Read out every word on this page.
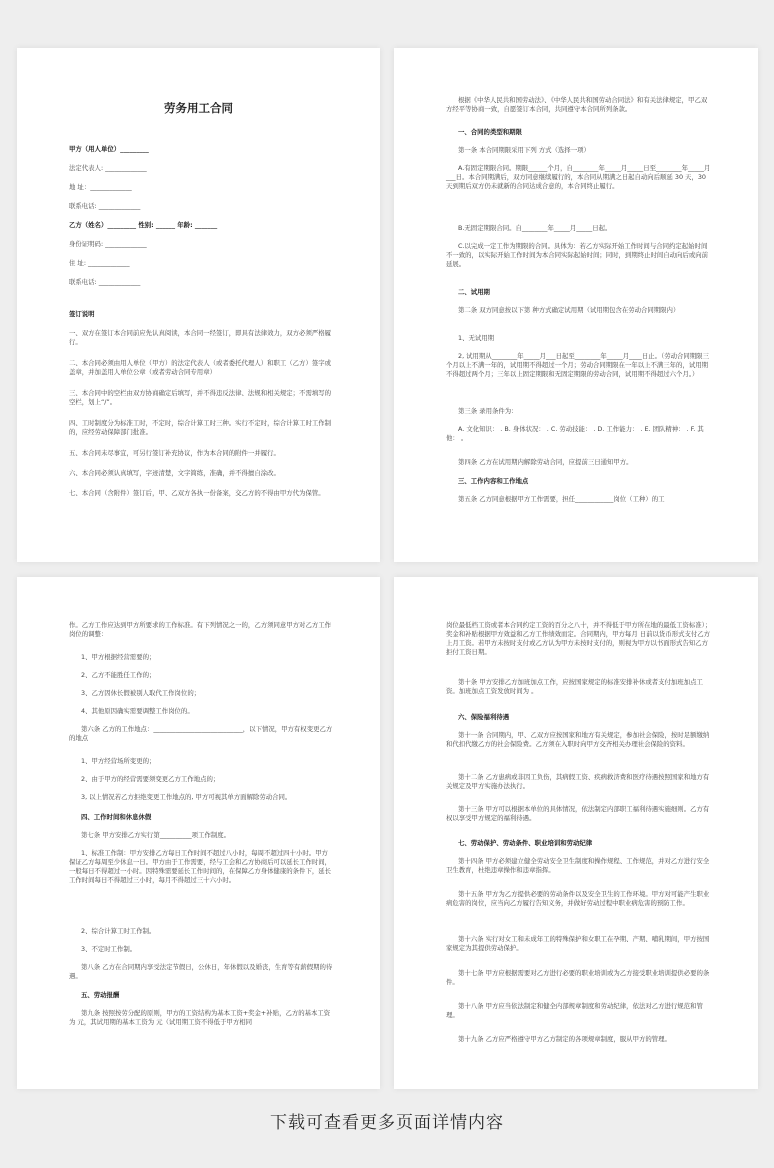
劳务用工合同
甲方（用人单位）_________
法定代表人: _____________
地 址：_____________
联系电话: _____________
乙方（姓名）_________ 性别: ______ 年龄: _______
身份证明码: _____________
住 址: _____________
联系电话: _____________
签订说明
一、双方在签订本合同前应先认真阅读，本合同一经签订，即具有法律效力，双方必须严格履行。
二、本合同必须由用人单位（甲方）的法定代表人（或者委托代理人）和职工（乙方）签字或盖章，并加盖用人单位公章（或者劳动合同专用章）
三、本合同中的空栏由双方协商确定后填写，并不得违反法律、法规和相关规定；不需填写的空栏，划上“/”。
四、工时制度分为标准工时，不定时，综合计算工时三种。实行不定时，综合计算工时工作制的，应经劳动保障部门批准。
五、本合同未尽事宜，可另行签订补充协议，作为本合同的附件一并履行。
六、本合同必须认真填写，字迹清楚，文字简练，准确，并不得擅自涂改。
七、本合同（含附件）签订后，甲、乙双方各执一份备案，交乙方的不得由甲方代为保管。
根据《中华人民共和国劳动法》、《中华人民共和国劳动合同法》和有关法律规定，甲乙双方经平等协商一致，自愿签订本合同，共同遵守本合同所列条款。
一、合同的类型和期限
第一条 本合同期限采用下列 方式（选择一项）
A.有固定期限合同。期限______个月，自________年_____月_____日至________年_____月___日。本合同期满后，双方同意继续履行的，本合同从期满之日起自动向后顺延 30 天，30 天到期后双方仍未就新的合同达成合意的，本合同终止履行。
B.无固定期限合同。自________年_____月_____日起。
C.以完成一定工作为期限的合同。具体为：若乙方实际开始工作时间与合同约定起始时间不一致的，以实际开始工作时间为本合同实际起始时间；同时，到期终止时间自动向后或向前延展。
二、试用期
第二条 双方同意按以下第 种方式确定试用期（试用期包含在劳动合同期限内）
1、无试用期
2, 试用期从________年_____月___日起至________年_____月____日止。（劳动合同期限三个月以上不满一年的，试用期不得超过一个月；劳动合同期限在一年以上不满三年的，试用期不得超过两个月；三年以上固定期限和无固定期限的劳动合同，试用期不得超过六个月。）
第三条 录用条件为：
A. 文化知识： . B. 身体状况： . C. 劳动技能： . D. 工作能力： . E. 团队精神： . F. 其他： 。
第四条 乙方在试用期内解除劳动合同，应提前三日通知甲方。
三、工作内容和工作地点
第五条 乙方同意根据甲方工作需要，担任____________岗位（工种）的工
作。乙方工作应达到甲方所要求的工作标准。有下列情况之一的，乙方须同意甲方对乙方工作岗位的调整：
1、甲方根据经营需要的；
2、乙方不能胜任工作的；
3、乙方因休长假被别人取代工作岗位的；
4、其他原因确实需要调整工作岗位的。
第六条 乙方的工作地点：____________________________，以下情况，甲方有权变更乙方的地点
1、甲方经营场所变更的；
2、由于甲方的经营需要须变更乙方工作地点的；
3, 以上情况若乙方拒绝变更工作地点的, 甲方可视其单方面解除劳动合同。
四、工作时间和休息休假
第七条 甲方安排乙方实行第__________项工作制度。
1、标准工作制：甲方安排乙方每日工作时间不超过八小时，每周不超过四十小时。甲方保证乙方每周至少休息一日。甲方由于工作需要，经与工会和乙方协商后可以延长工作时间，一般每日不得超过一小时。因特殊需要延长工作时间的，在保障乙方身体健康的条件下，延长工作时间每日不得超过三小时，每月不得超过三十六小时。
2、综合计算工时工作制。
3、不定时工作制。
第八条 乙方在合同期内享受法定节假日，公休日，年休假以及婚丧，生育等有薪假期的待遇。
五、劳动报酬
第九条 按照按劳分配的原则，甲方的工资结构为基本工资+奖金+补贴，乙方的基本工资为 元，其试用期的基本工资为 元（试用期工资不得低于甲方相同
岗位最低档工资或者本合同约定工资的百分之八十，并不得低于甲方所在地的最低工资标准）；奖金和补贴根据甲方效益和乙方工作绩效而定。合同期内，甲方每月 日前以货币形式支付乙方上月工资。若甲方未按时支付或乙方认为甲方未按时支付的，则视为甲方以书面形式告知乙方拒付工资日期。
第十条 甲方安排乙方加班加点工作，应按国家规定的标准安排补休或者支付加班加点工资。加班加点工资发放时间为 。
六、保险福利待遇
第十一条 合同期内，甲、乙双方应按国家和地方有关规定，参加社会保险，按时足额缴纳和代扣代缴乙方的社会保险费。乙方须在入职时向甲方交齐相关办理社会保险的资料。
第十二条 乙方患病或非因工负伤，其病假工资、疾病救济费和医疗待遇按照国家和地方有关规定及甲方实施办法执行。
第十三条 甲方可以根据本单位的具体情况，依法制定内部职工福利待遇实施细则。乙方有权以享受甲方规定的福利待遇。
七、劳动保护、劳动条件、职业培训和劳动纪律
第十四条 甲方必须建立健全劳动安全卫生制度和操作规程、工作规范，并对乙方进行安全卫生教育，杜绝违章操作和违章指挥。
第十五条 甲方为乙方提供必要的劳动条件以及安全卫生的工作环境。甲方对可能产生职业病危害的岗位，应当向乙方履行告知义务，并做好劳动过程中职业病危害的预防工作。
第十六条 实行对女工和未成年工的特殊保护和女职工在孕期、产期、哺乳期间，甲方按国家规定为其提供劳动保护。
第十七条 甲方应根据需要对乙方进行必要的职业培训或为乙方接受职业培训提供必要的条件。
第十八条 甲方应当依法制定和健全内部规章制度和劳动纪律，依法对乙方进行规范和管理。
第十九条 乙方应严格遵守甲方乙方制定的各项规章制度，服从甲方的管理。
下载可查看更多页面详情内容
